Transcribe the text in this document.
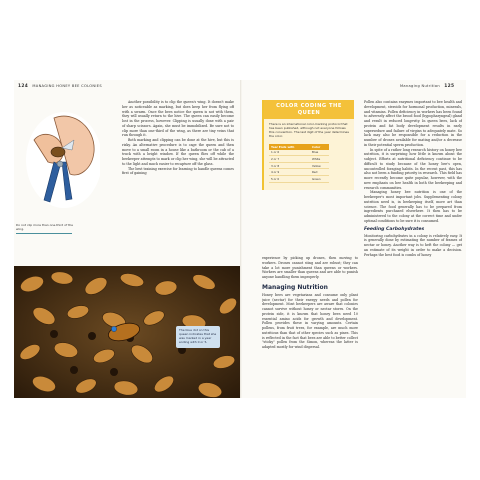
124 MANAGING HONEY BEE COLONIES
Do not clip more than one-third of the wing.

Another possibility is to clip the queen's wing. It doesn't make her as noticeable as marking, but does keep her from flying off with a swarm. Once the bees notice the queen is not with them, they will usually return to the hive. The queen can easily become lost in the process, however. Clipping is usually done with a pair of sharp scissors. Again, she must be immobilized. Be sure not to clip more than one-third of the wing, as there are tiny veins that run through it.

Both marking and clipping can be done at the hive, but this is risky. An alternative procedure is to cage the queen and then move to a small room in a house like a bathroom or the cab of a truck with a bright window. If the queen flies off while the beekeeper attempts to mark or clip her wing, she will be attracted to the light and much easier to recapture off the glass.

The best training exercise for learning to handle queens comes first of gaining

The blue dot on this queen indicates that she was marked in a year ending with 0 or 5.
Managing Nutrition 125
COLOR CODING THE
QUEEN
There is an international color-marking protocol that has been published, although not everyone follows this convention. The last digit of the year determines the color.
Year Ends with	Color
1 or 6	Blue
2 or 7	White
3 or 8	Yellow
4 or 9	Red
5 or 0	Green

experience by picking up drones, then moving to workers. Drones cannot sting and are robust; they can take a lot more punishment than queens or workers. Workers are smaller than queens and are able to punish anyone handling them improperly.

Managing Nutrition

Honey bees are vegetarians and consume only plant juice (nectar) for their energy needs and pollen for development. Most beekeepers are aware that colonies cannot survive without honey or nectar stores. On the protein side, it is known that honey bees need 10 essential amino acids for growth and development. Pollen provides these in varying amounts. Certain pollens, from fruit trees, for example, are much more nutritious than that of other species such as pines. This is reflected in the fact that bees are able to better collect "sticky" pollen from the Simon, whereas the latter is adapted mostly for wind dispersal.

Pollen also contains enzymes important to bee health and development, steroids for hormonal production, minerals, and vitamins. Pollen deficiency in workers has been found to adversely affect the brood food (hypopharyngeal) gland and result in reduced longevity. In queen bees, lack of protein and fat body development results in early supersedure and failure of virgins to adequately mate. So lack may also be responsible for a reduction in the number of drones available for mating and/or a decrease in their potential sperm production.

In spite of a rather long research history on honey bee nutrition, it is surprising how little is known about the subject. Efforts at nutritional deficiency continue to be difficult to study because of the honey bee's open, uncontrolled foraging habits. In the recent past, this has also not been a funding priority in research. This field has more recently become quite popular, however, with the new emphasis on bee health in both the beekeeping and research communities.

Managing honey bee nutrition is one of the beekeeper's most important jobs. Supplementing colony nutrition need is, in beekeeping itself, more art than science. The food generally has to be prepared from ingredients purchased elsewhere. It then has to be administered to the colony at the correct time and under optimal conditions to be sure it is consumed.

Feeding Carbohydrates

Monitoring carbohydrates in a colony is relatively easy. It is generally done by estimating the number of frames of nectar or honey. Another way is to heft the colony — get an estimate of its weight in order to make a decision. Perhaps the best food is combs of honey
